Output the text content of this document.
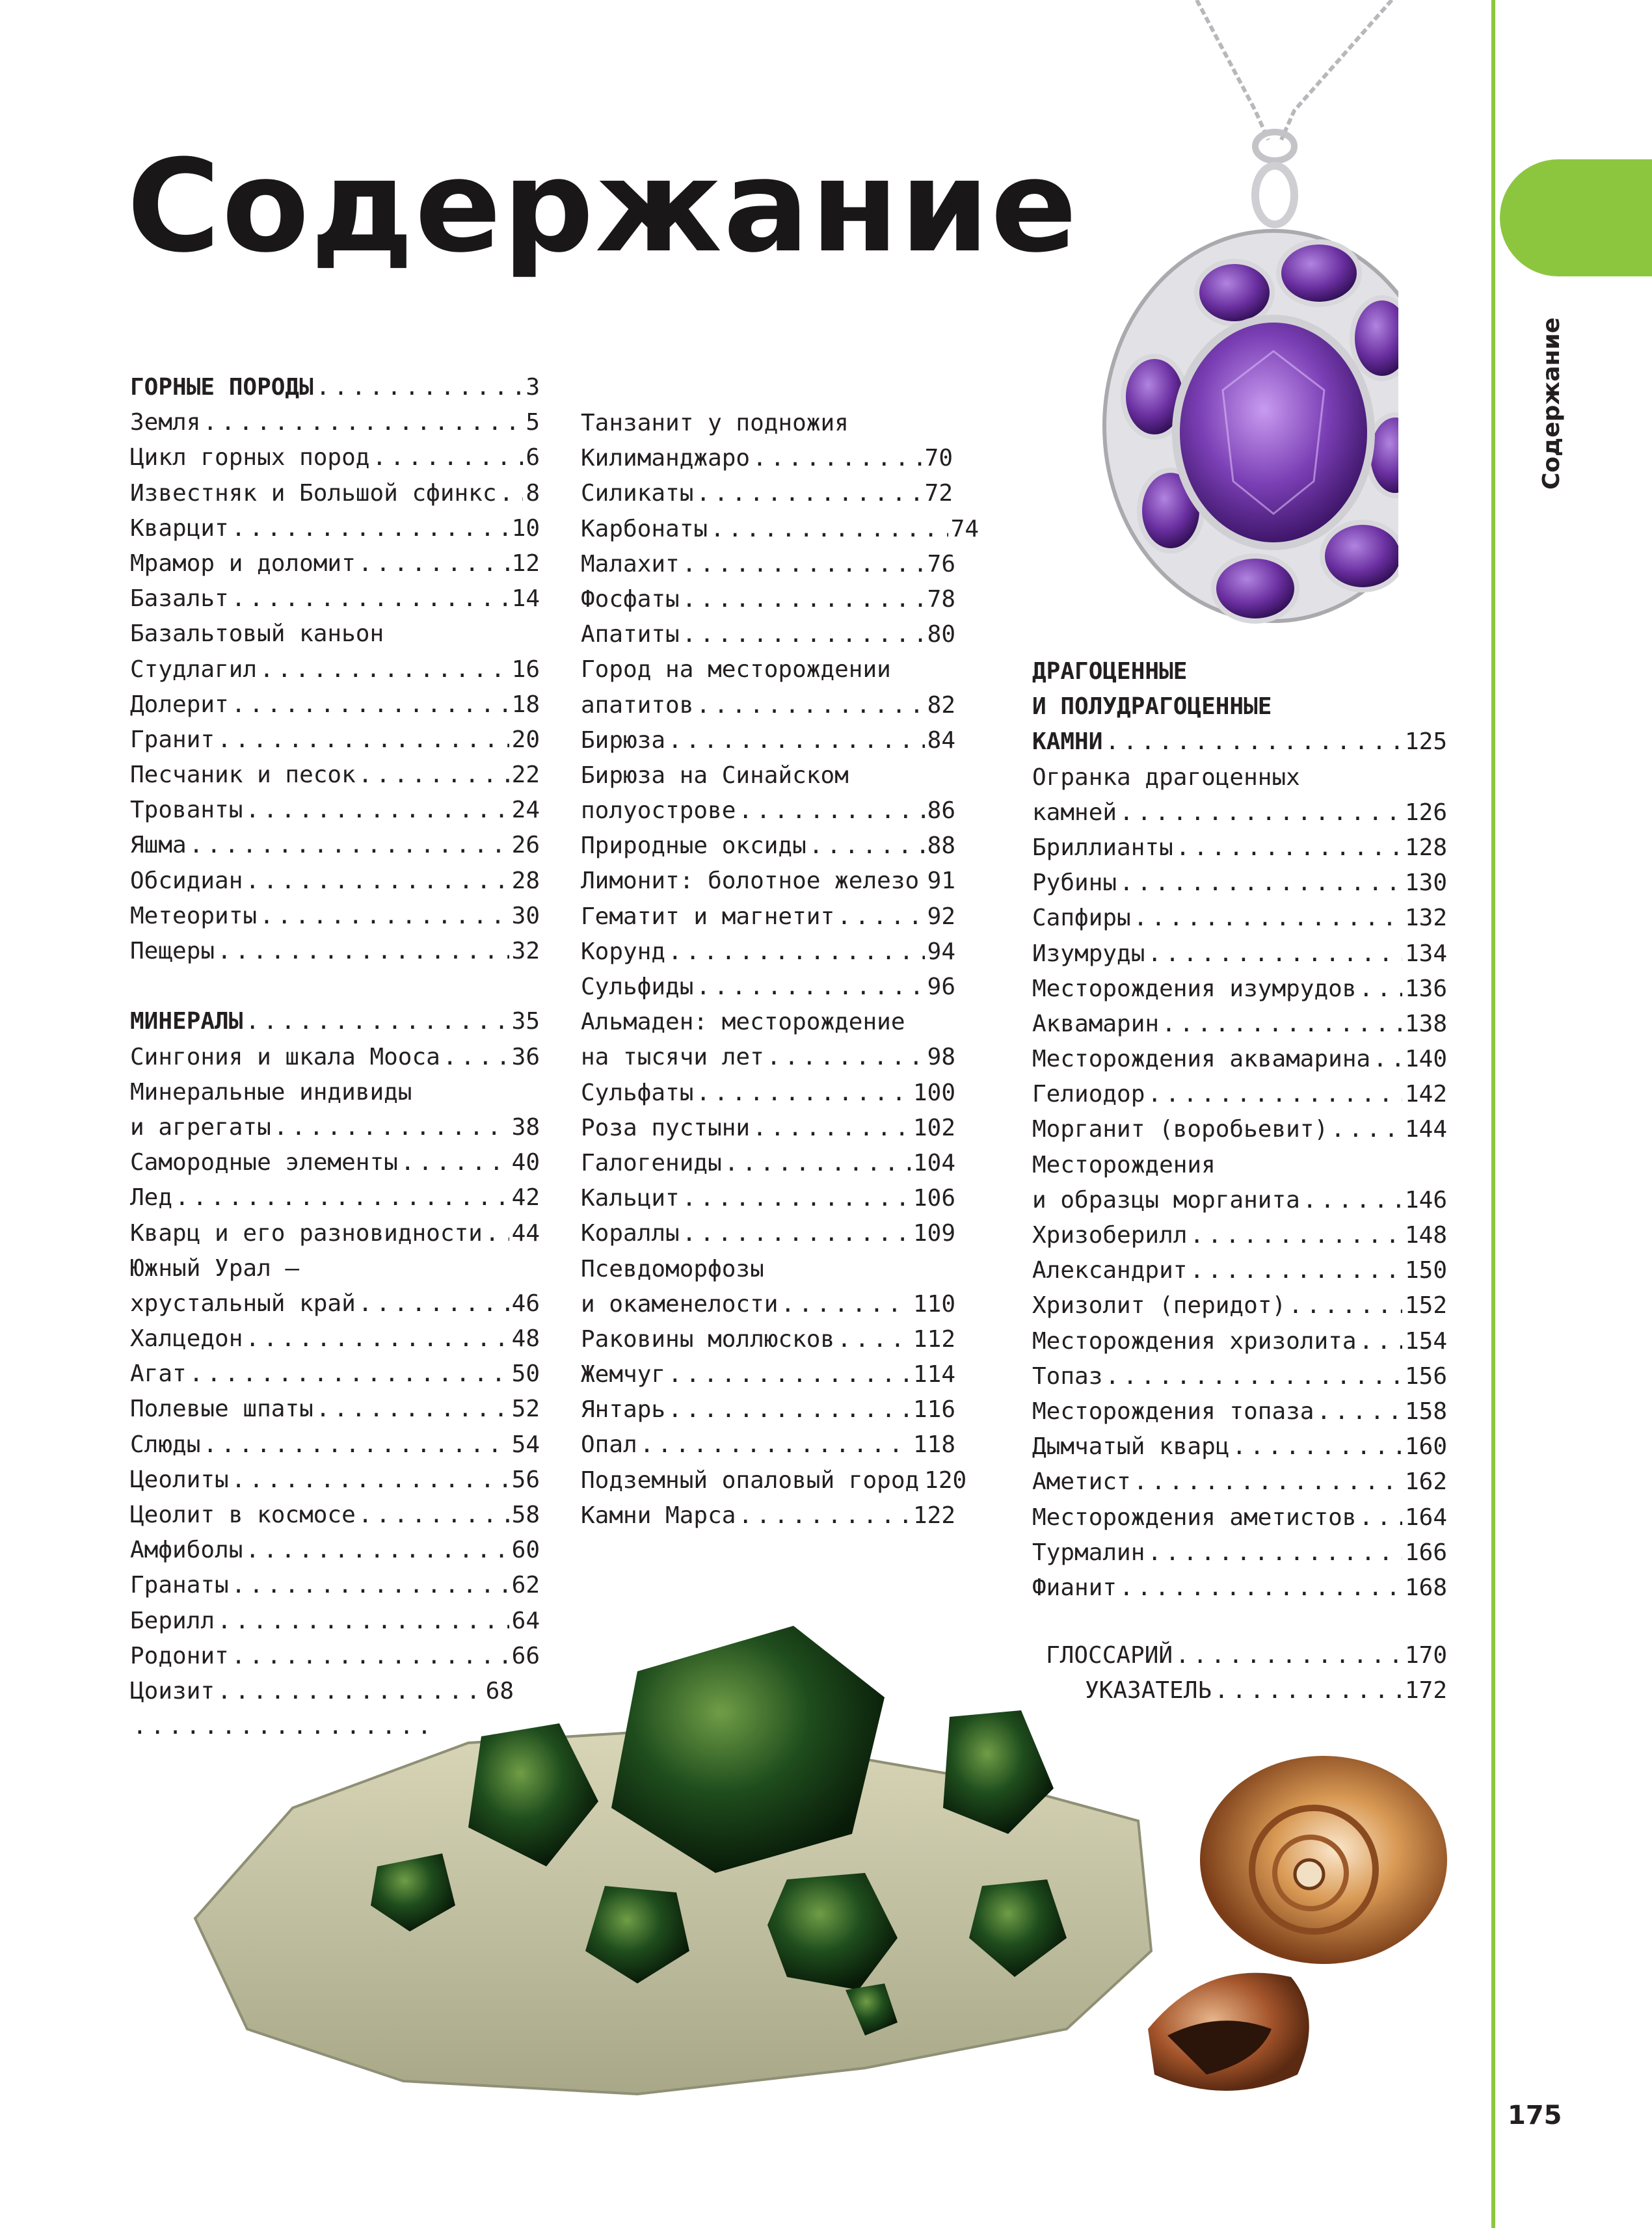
Содержание
Содержание
175
ГОРНЫЕ ПОРОДЫ . . .	3
Земля . . .	5
Цикл горных пород . . .	6
Известняк и Большой сфинкс . . . 8
Кварцит . . .	10
Мрамор и доломит . . .	12
Базальт . . .	14
Базальтовый каньон
Студлагил . . .	16
Долерит . . .	18
Гранит . . .	20
Песчаник и песок . . .	22
Трованты . . .	24
Яшма . . .	26
Обсидиан . . .	28
Метеориты . . .	30
Пещеры . . .	32
МИНЕРАЛЫ . . .	35
Сингония и шкала Мооса . . .	36
Минеральные индивиды
и агрегаты . . .	38
Самородные элементы . . .	40
Лед . . .	42
Кварц и его разновидности . . . 44
Южный Урал —
хрустальный край . . .	46
Халцедон . . .	48
Агат . . .	50
Полевые шпаты . . .	52
Слюды . . .	54
Цеолиты . . .	56
Цеолит в космосе . . .	58
Амфиболы . . .	60
Гранаты . . .	62
Берилл . . .	64
Родонит . . .	66
Цоизит . . .	68
. . .
Танзанит у подножия
Килиманджаро . . .	70
Силикаты . . .	72
Карбонаты . . .	74
Малахит . . .	76
Фосфаты . . .	78
Апатиты . . .	80
Город на месторождении
апатитов . . .	82
Бирюза . . .	84
Бирюза на Синайском
полуострове . . .	86
Природные оксиды . . .	88
Лимонит: болотное железо . . . 91
Гематит и магнетит . . .	92
Корунд . . .	94
Сульфиды . . .	96
Альмаден: месторождение
на тысячи лет . . .	98
Сульфаты . . .	100
Роза пустыни . . .	102
Галогениды . . .	104
Кальцит . . .	106
Кораллы . . .	109
Псевдоморфозы
и окаменелости . . .	110
Раковины моллюсков . . .	112
Жемчуг . . .	114
Янтарь . . .	116
Опал . . .	118
Подземный опаловый город 120
Камни Марса . . .	122
ДРАГОЦЕННЫЕ
И ПОЛУДРАГОЦЕННЫЕ
КАМНИ . . .	125
Огранка драгоценных
камней . . .	126
Бриллианты . . .	128
Рубины . . .	130
Сапфиры . . .	132
Изумруды . . .	134
Месторождения изумрудов . . . 136
Аквамарин . . .	138
Месторождения аквамарина . . . 140
Гелиодор . . .	142
Морганит (воробьевит) . . .	144
Месторождения
и образцы морганита . . .	146
Хризоберилл . . .	148
Александрит . . .	150
Хризолит (перидот) . . .	152
Месторождения хризолита . . . 154
Топаз . . .	156
Месторождения топаза . . .	158
Дымчатый кварц . . .	160
Аметист . . .	162
Месторождения аметистов . . . 164
Турмалин . . .	166
Фианит . . .	168
ГЛОССАРИЙ . . .	170
УКАЗАТЕЛЬ . . .	172
